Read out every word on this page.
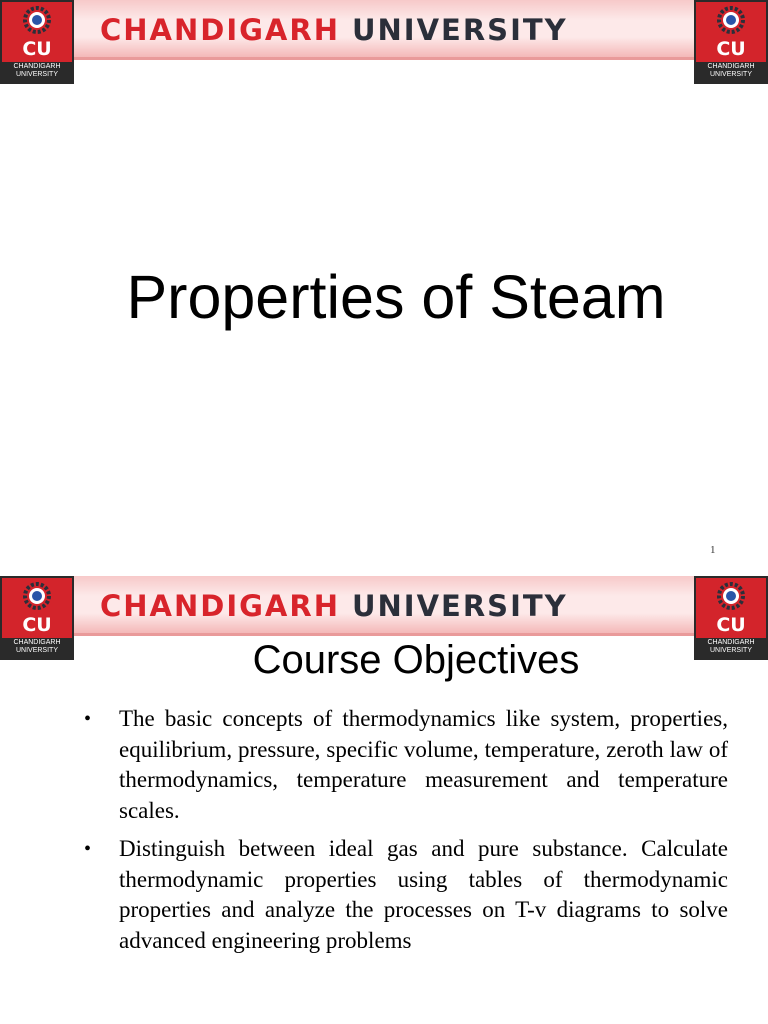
CU
CHANDIGARH
UNIVERSITY
CHANDIGARH UNIVERSITY
CU
CHANDIGARH
UNIVERSITY
Properties of Steam
1
CU
CHANDIGARH
UNIVERSITY
CHANDIGARH UNIVERSITY
CU
CHANDIGARH
UNIVERSITY
Course Objectives
• The basic concepts of thermodynamics like system, properties, equilibrium, pressure, specific volume, temperature, zeroth law of thermodynamics, temperature measurement and temperature scales.
• Distinguish between ideal gas and pure substance. Calculate thermodynamic properties using tables of thermodynamic properties and analyze the processes on T-v diagrams to solve advanced engineering problems
